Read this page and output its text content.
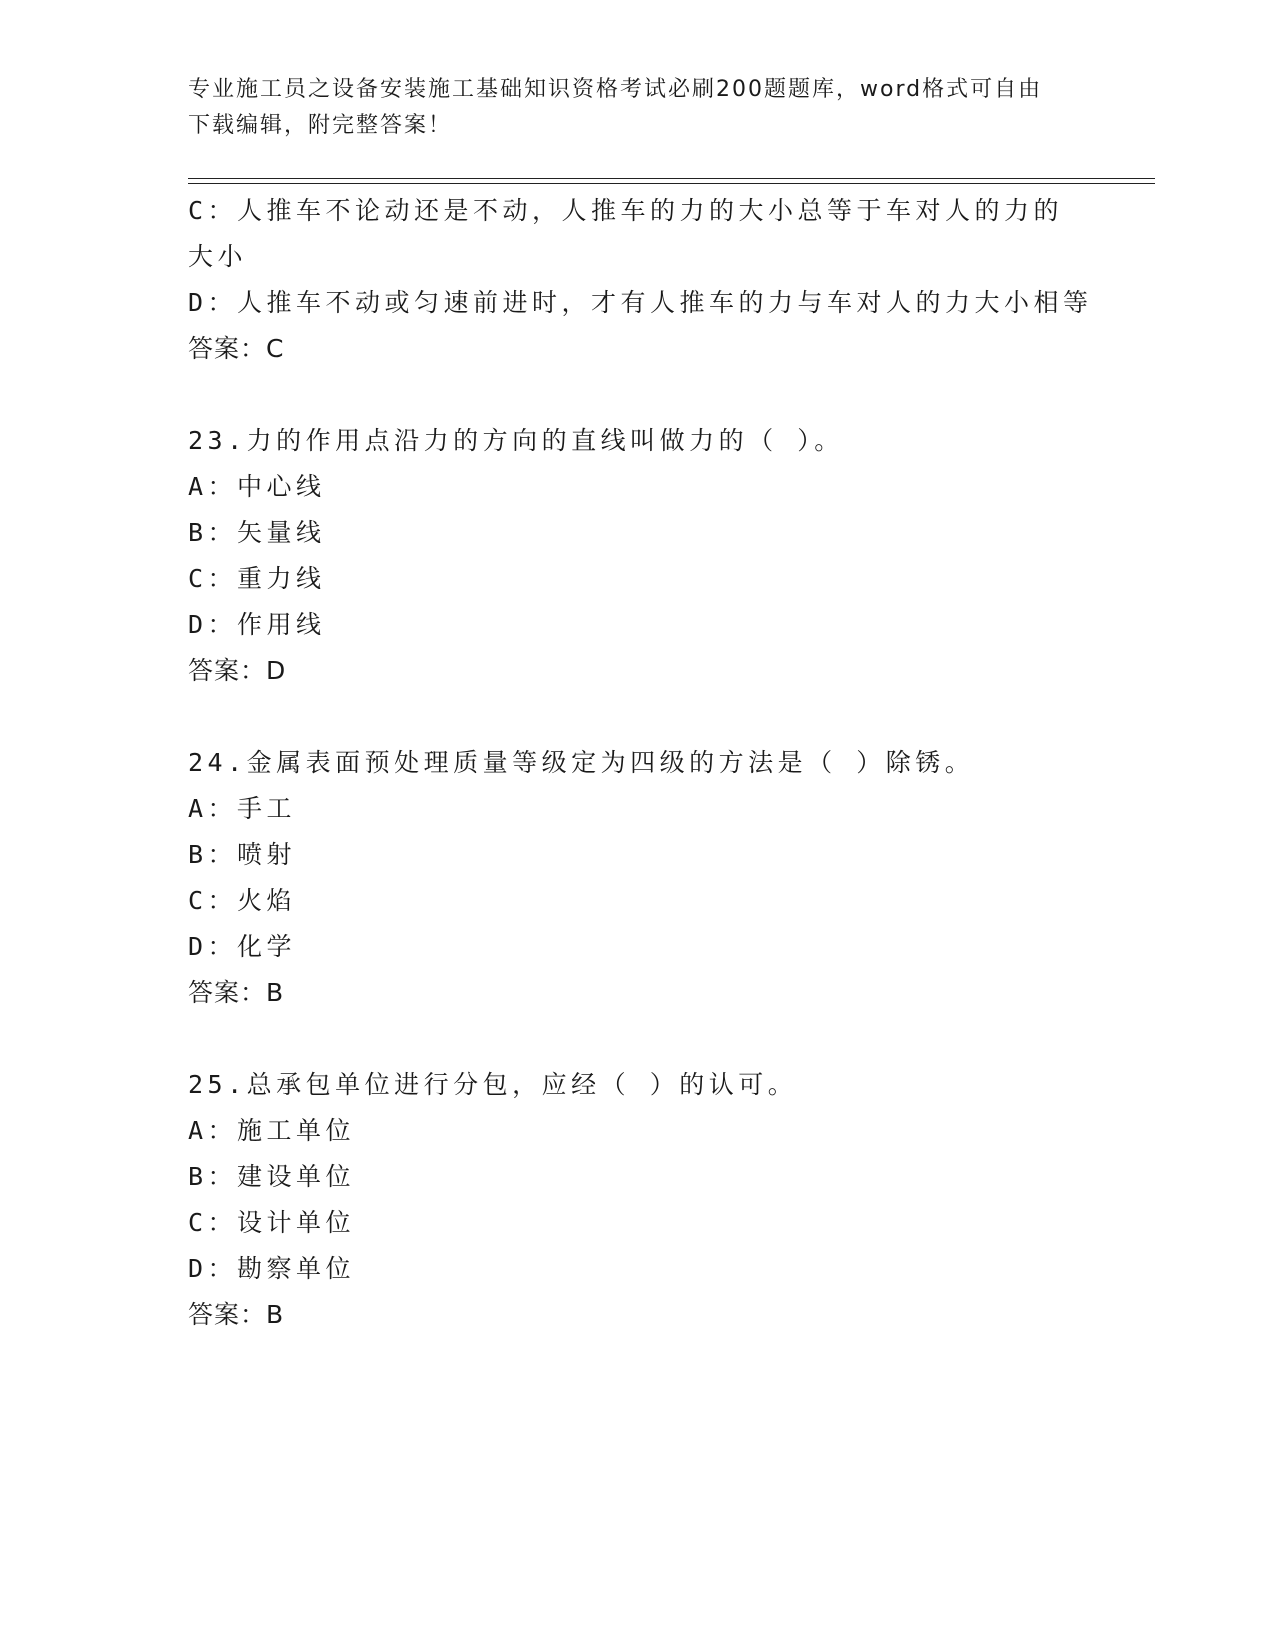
专业施工员之设备安装施工基础知识资格考试必刷200题题库，word格式可自由
下载编辑，附完整答案！
C：人推车不论动还是不动，人推车的力的大小总等于车对人的力的大小
D：人推车不动或匀速前进时，才有人推车的力与车对人的力大小相等
答案：C
23.力的作用点沿力的方向的直线叫做力的（ ）。
A：中心线
B：矢量线
C：重力线
D：作用线
答案：D
24.金属表面预处理质量等级定为四级的方法是（ ）除锈。
A：手工
B：喷射
C：火焰
D：化学
答案：B
25.总承包单位进行分包，应经（ ）的认可。
A：施工单位
B：建设单位
C：设计单位
D：勘察单位
答案：B
